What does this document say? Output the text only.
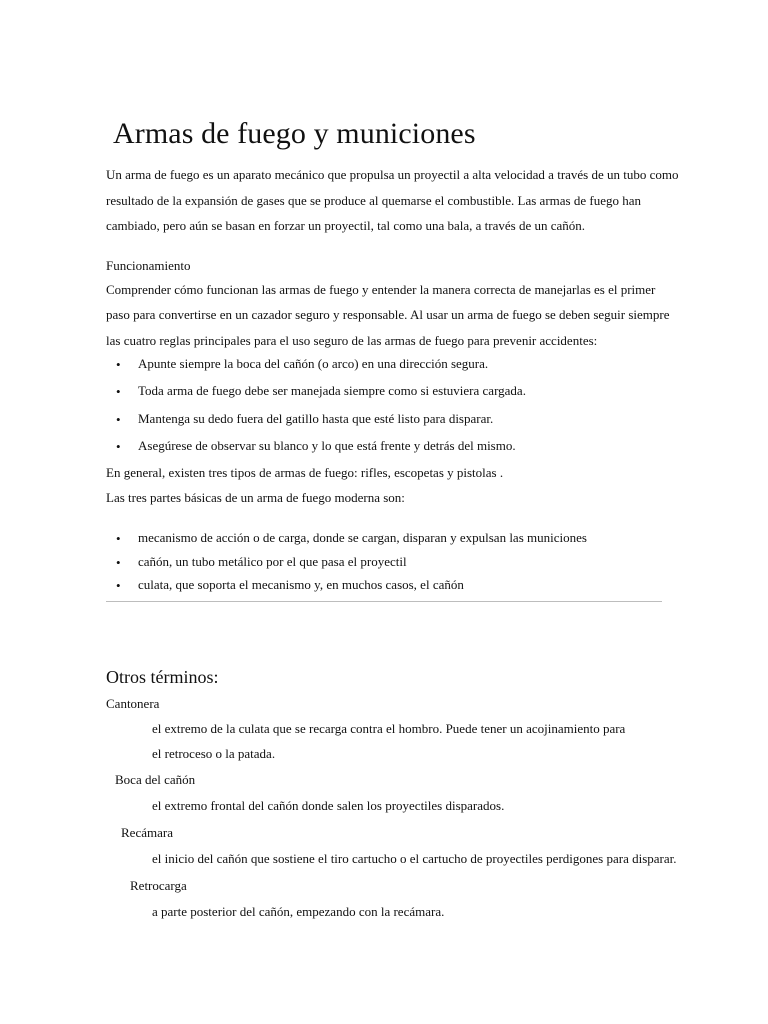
Armas de fuego y municiones
Un arma de fuego es un aparato mecánico que propulsa un proyectil a alta velocidad a través de un tubo como
resultado de la expansión de gases que se produce al quemarse el combustible. Las armas de fuego han
cambiado, pero aún se basan en forzar un proyectil, tal como una bala, a través de un cañón.
Funcionamiento
Comprender cómo funcionan las armas de fuego y entender la manera correcta de manejarlas es el primer
paso para convertirse en un cazador seguro y responsable. Al usar un arma de fuego se deben seguir siempre
las cuatro reglas principales para el uso seguro de las armas de fuego para prevenir accidentes:
• Apunte siempre la boca del cañón (o arco) en una dirección segura.
• Toda arma de fuego debe ser manejada siempre como si estuviera cargada.
• Mantenga su dedo fuera del gatillo hasta que esté listo para disparar.
• Asegúrese de observar su blanco y lo que está frente y detrás del mismo.
En general, existen tres tipos de armas de fuego: rifles, escopetas y pistolas .
Las tres partes básicas de un arma de fuego moderna son:
• mecanismo de acción o de carga, donde se cargan, disparan y expulsan las municiones
• cañón, un tubo metálico por el que pasa el proyectil
• culata, que soporta el mecanismo y, en muchos casos, el cañón
Otros términos:
Cantonera
el extremo de la culata que se recarga contra el hombro. Puede tener un acojinamiento para
el retroceso o la patada.
Boca del cañón
el extremo frontal del cañón donde salen los proyectiles disparados.
Recámara
el inicio del cañón que sostiene el tiro cartucho o el cartucho de proyectiles perdigones para disparar.
Retrocarga
a parte posterior del cañón, empezando con la recámara.
